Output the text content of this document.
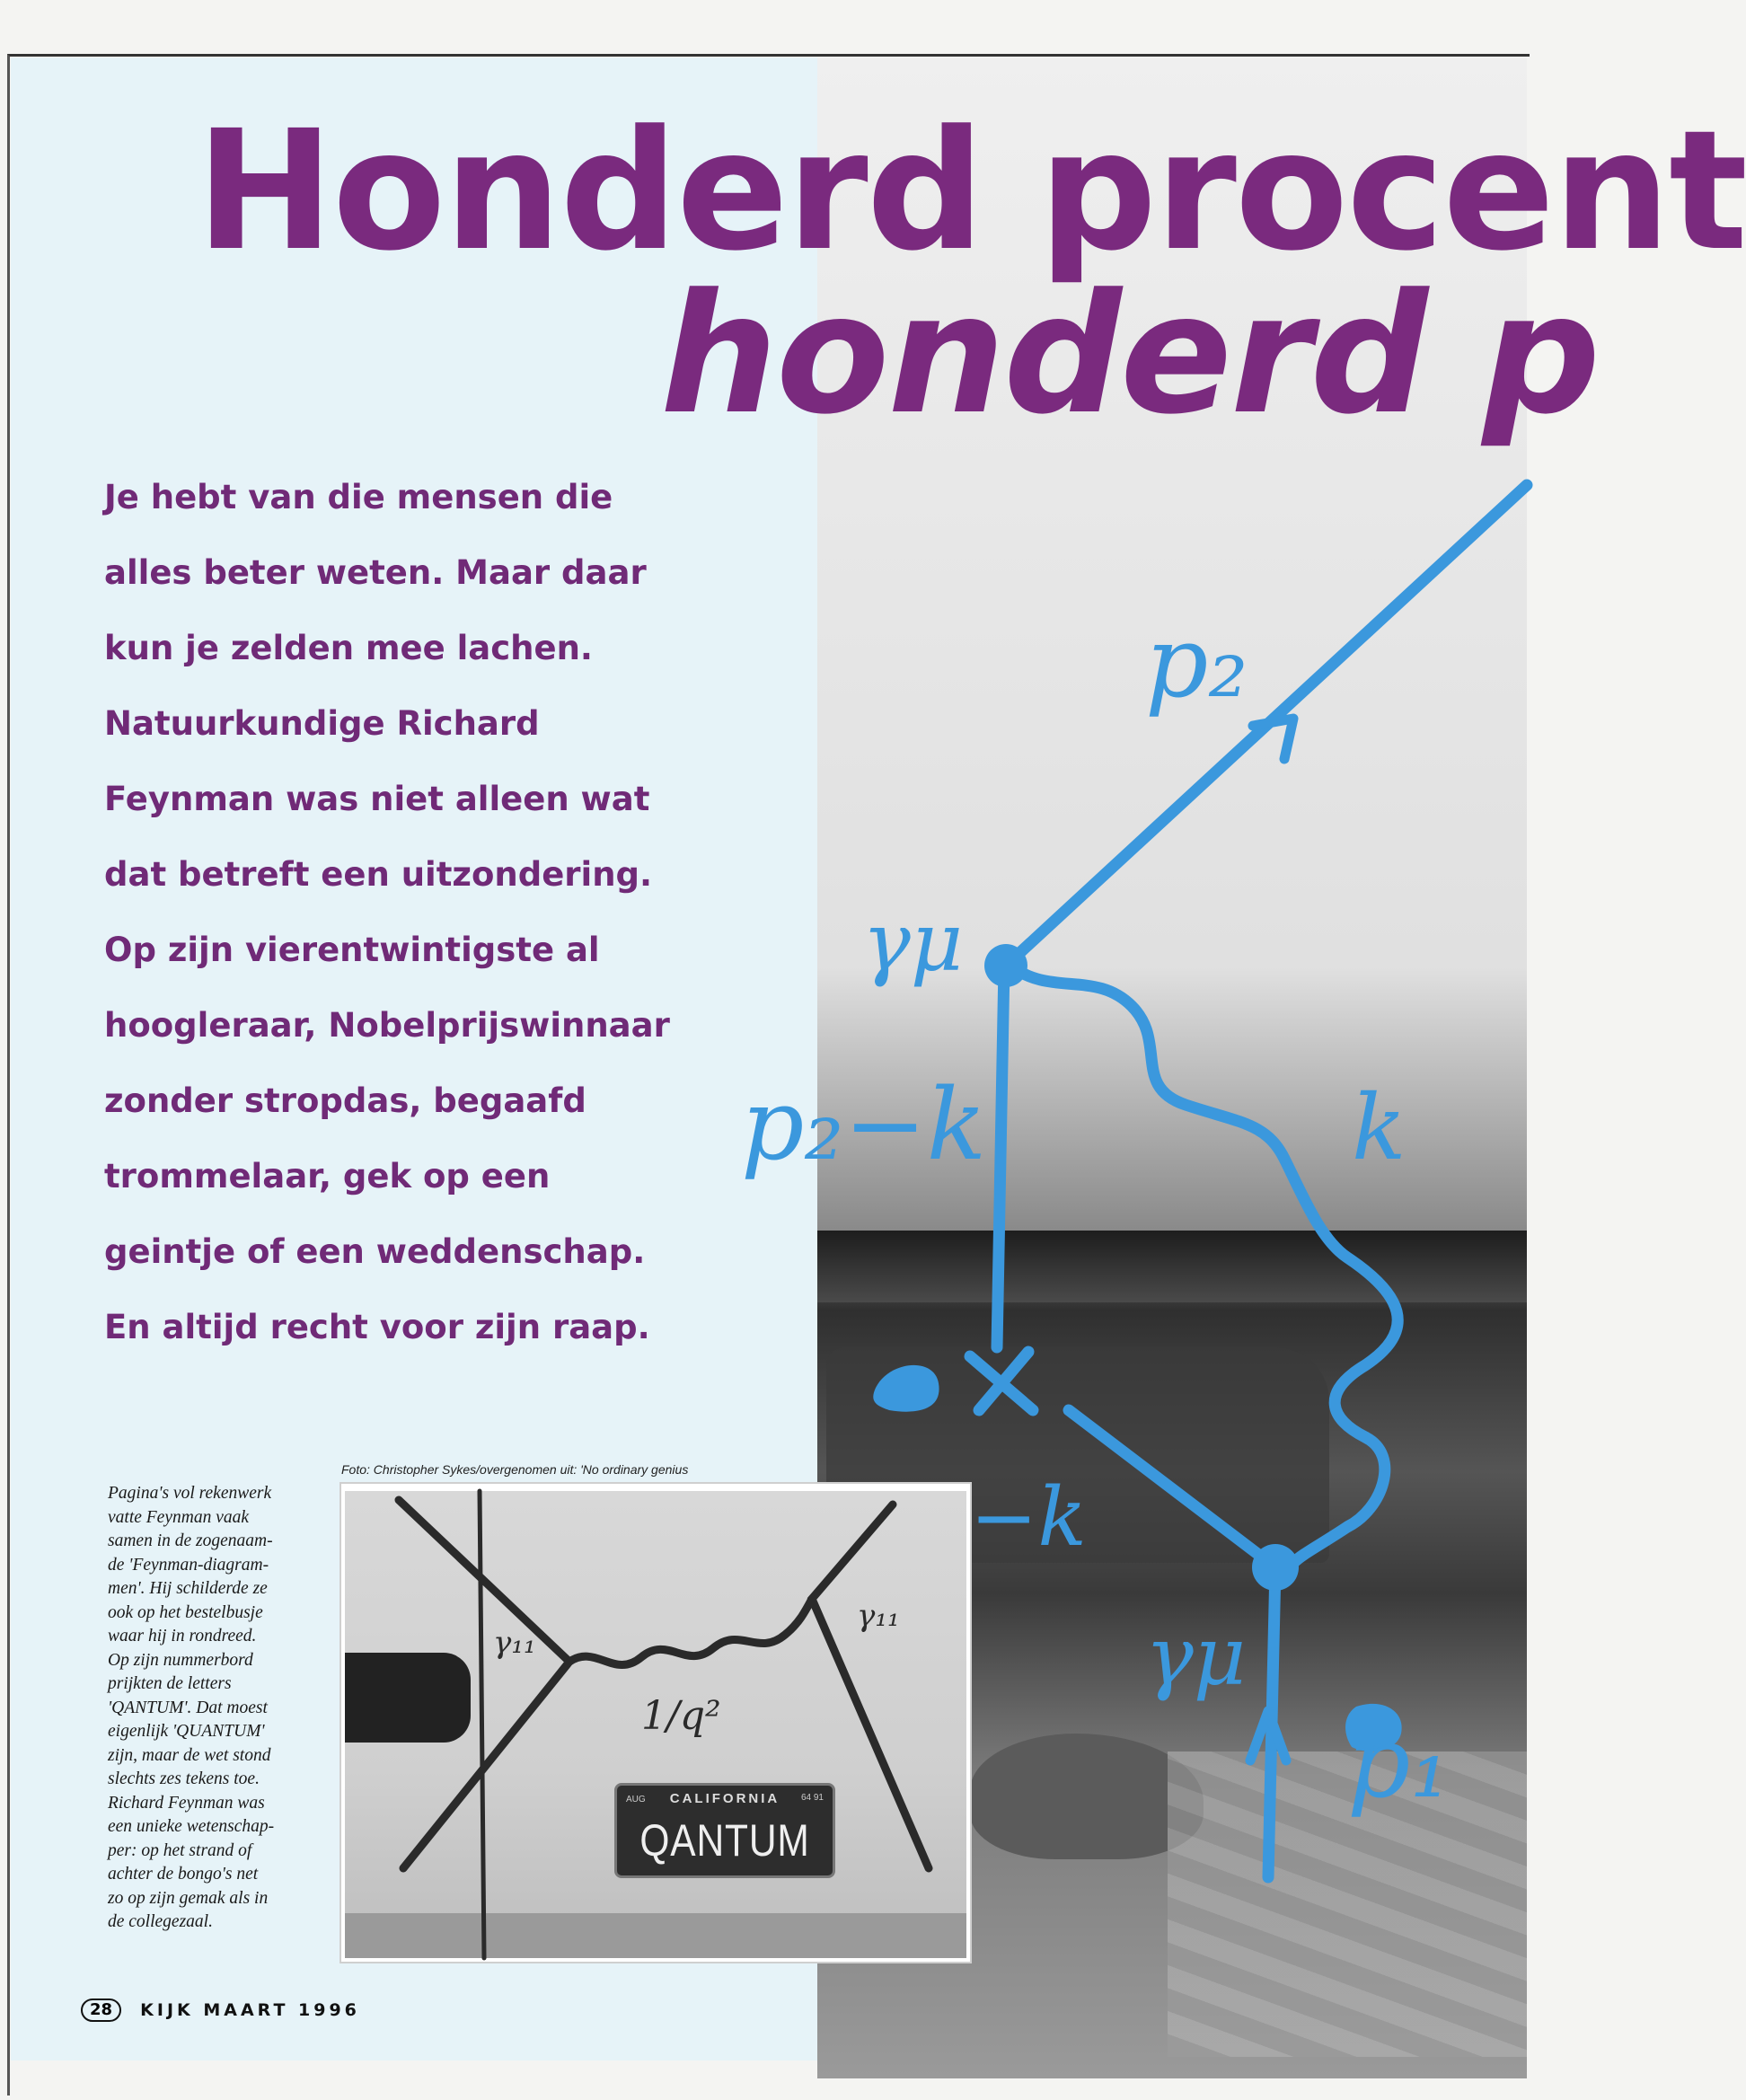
Honderd procent
honderd p
p₂
γμ
p₂−k	k
−k
γμ
p₁
Je hebt van die mensen die
alles beter weten. Maar daar
kun je zelden mee lachen.
Natuurkundige Richard
Feynman was niet alleen wat
dat betreft een uitzondering.
Op zijn vierentwintigste al
hoogleraar, Nobelprijswinnaar
zonder stropdas, begaafd
trommelaar, gek op een
geintje of een weddenschap.
En altijd recht voor zijn raap.
Foto: Christopher Sykes/overgenomen uit: 'No ordinary genius
Pagina's vol rekenwerk
vatte Feynman vaak
samen in de zogenaam-
de 'Feynman-diagram-
men'. Hij schilderde ze
ook op het bestelbusje
waar hij in rondreed.
Op zijn nummerbord
prijkten de letters
'QANTUM'. Dat moest
eigenlijk 'QUANTUM'
zijn, maar de wet stond
slechts zes tekens toe.
Richard Feynman was
een unieke wetenschap-
per: op het strand of
achter de bongo's net
zo op zijn gemak als in
de collegezaal.
γ₁₁
1/q²
γ₁₁
AUG	CALIFORNIA	64 91
QANTUM
28 KIJK MAART 1996
